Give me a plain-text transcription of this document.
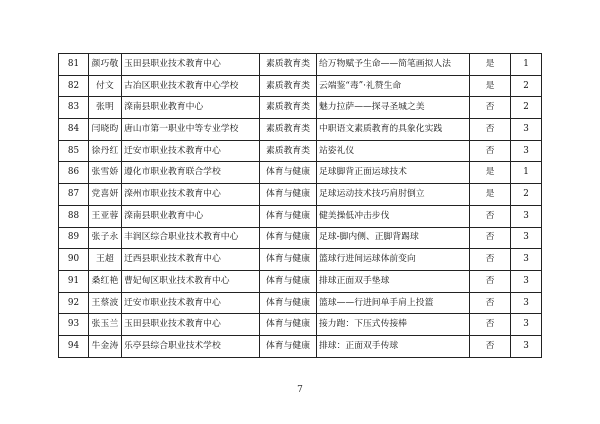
81	颜巧敬	玉田县职业技术教育中心	素质教育类	给万物赋予生命——简笔画拟人法	是	1
82	付文	古冶区职业技术教育中心学校	素质教育类	云端鉴“毒”·礼赞生命	是	2
83	张明	滦南县职业教育中心	素质教育类	魅力拉萨——探寻圣城之美	否	2
84	闫晓昀	唐山市第一职业中等专业学校	素质教育类	中职语文素质教育的具象化实践	否	3
85	徐丹红	迁安市职业技术教育中心	素质教育类	站姿礼仪	否	3
86	张雪娇	遵化市职业教育联合学校	体育与健康	足球脚背正面运球技术	是	1
87	党喜妍	滦州市职业技术教育中心	体育与健康	足球运动技术技巧肩肘倒立	是	2
88	王亚蓉	滦南县职业教育中心	体育与健康	健美操低冲击步伐	否	3
89	张子永	丰润区综合职业技术教育中心	体育与健康	足球-脚内侧、正脚背踢球	否	3
90	王超	迁西县职业技术教育中心	体育与健康	篮球行进间运球体前变向	否	3
91	桑红艳	曹妃甸区职业技术教育中心	体育与健康	排球正面双手垫球	否	3
92	王蔡波	迁安市职业技术教育中心	体育与健康	篮球——行进间单手肩上投篮	否	3
93	张玉兰	玉田县职业技术教育中心	体育与健康	接力跑：下压式传接棒	否	3
94	牛金涛	乐亭县综合职业技术学校	体育与健康	排球：正面双手传球	否	3
7
